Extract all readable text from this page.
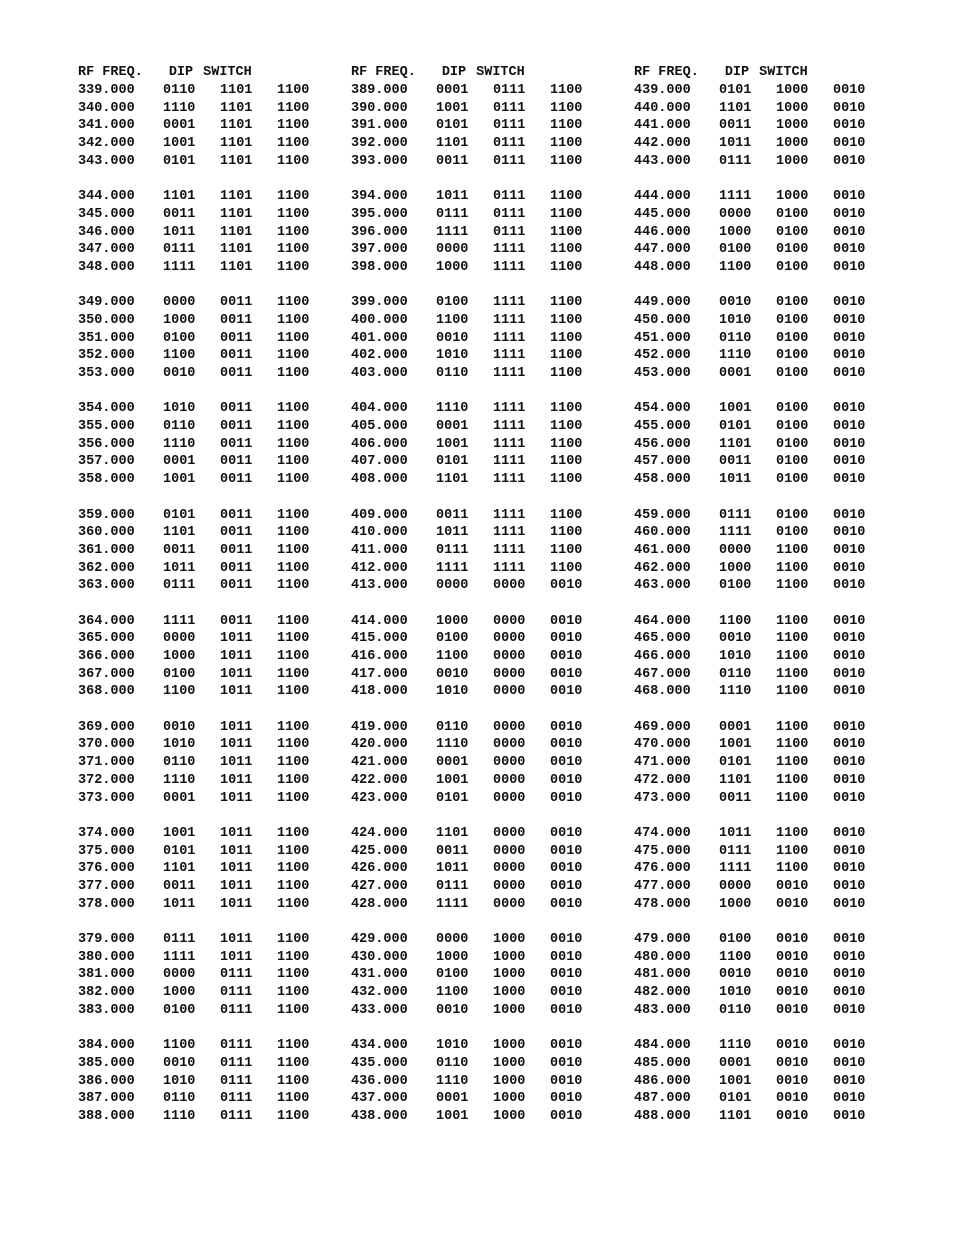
RF FREQ. DIP SWITCH
339.000	0110	1101	1100
340.000	1110	1101	1100
341.000	0001	1101	1100
342.000	1001	1101	1100
343.000	0101	1101	1100
344.000	1101	1101	1100
345.000	0011	1101	1100
346.000	1011	1101	1100
347.000	0111	1101	1100
348.000	1111	1101	1100
349.000	0000	0011	1100
350.000	1000	0011	1100
351.000	0100	0011	1100
352.000	1100	0011	1100
353.000	0010	0011	1100
354.000	1010	0011	1100
355.000	0110	0011	1100
356.000	1110	0011	1100
357.000	0001	0011	1100
358.000	1001	0011	1100
359.000	0101	0011	1100
360.000	1101	0011	1100
361.000	0011	0011	1100
362.000	1011	0011	1100
363.000	0111	0011	1100
364.000	1111	0011	1100
365.000	0000	1011	1100
366.000	1000	1011	1100
367.000	0100	1011	1100
368.000	1100	1011	1100
369.000	0010	1011	1100
370.000	1010	1011	1100
371.000	0110	1011	1100
372.000	1110	1011	1100
373.000	0001	1011	1100
374.000	1001	1011	1100
375.000	0101	1011	1100
376.000	1101	1011	1100
377.000	0011	1011	1100
378.000	1011	1011	1100
379.000	0111	1011	1100
380.000	1111	1011	1100
381.000	0000	0111	1100
382.000	1000	0111	1100
383.000	0100	0111	1100
384.000	1100	0111	1100
385.000	0010	0111	1100
386.000	1010	0111	1100
387.000	0110	0111	1100
388.000	1110	0111	1100
RF FREQ. DIP SWITCH
389.000	0001	0111	1100
390.000	1001	0111	1100
391.000	0101	0111	1100
392.000	1101	0111	1100
393.000	0011	0111	1100
394.000	1011	0111	1100
395.000	0111	0111	1100
396.000	1111	0111	1100
397.000	0000	1111	1100
398.000	1000	1111	1100
399.000	0100	1111	1100
400.000	1100	1111	1100
401.000	0010	1111	1100
402.000	1010	1111	1100
403.000	0110	1111	1100
404.000	1110	1111	1100
405.000	0001	1111	1100
406.000	1001	1111	1100
407.000	0101	1111	1100
408.000	1101	1111	1100
409.000	0011	1111	1100
410.000	1011	1111	1100
411.000	0111	1111	1100
412.000	1111	1111	1100
413.000	0000	0000	0010
414.000	1000	0000	0010
415.000	0100	0000	0010
416.000	1100	0000	0010
417.000	0010	0000	0010
418.000	1010	0000	0010
419.000	0110	0000	0010
420.000	1110	0000	0010
421.000	0001	0000	0010
422.000	1001	0000	0010
423.000	0101	0000	0010
424.000	1101	0000	0010
425.000	0011	0000	0010
426.000	1011	0000	0010
427.000	0111	0000	0010
428.000	1111	0000	0010
429.000	0000	1000	0010
430.000	1000	1000	0010
431.000	0100	1000	0010
432.000	1100	1000	0010
433.000	0010	1000	0010
434.000	1010	1000	0010
435.000	0110	1000	0010
436.000	1110	1000	0010
437.000	0001	1000	0010
438.000	1001	1000	0010
RF FREQ. DIP SWITCH
439.000	0101	1000	0010
440.000	1101	1000	0010
441.000	0011	1000	0010
442.000	1011	1000	0010
443.000	0111	1000	0010
444.000	1111	1000	0010
445.000	0000	0100	0010
446.000	1000	0100	0010
447.000	0100	0100	0010
448.000	1100	0100	0010
449.000	0010	0100	0010
450.000	1010	0100	0010
451.000	0110	0100	0010
452.000	1110	0100	0010
453.000	0001	0100	0010
454.000	1001	0100	0010
455.000	0101	0100	0010
456.000	1101	0100	0010
457.000	0011	0100	0010
458.000	1011	0100	0010
459.000	0111	0100	0010
460.000	1111	0100	0010
461.000	0000	1100	0010
462.000	1000	1100	0010
463.000	0100	1100	0010
464.000	1100	1100	0010
465.000	0010	1100	0010
466.000	1010	1100	0010
467.000	0110	1100	0010
468.000	1110	1100	0010
469.000	0001	1100	0010
470.000	1001	1100	0010
471.000	0101	1100	0010
472.000	1101	1100	0010
473.000	0011	1100	0010
474.000	1011	1100	0010
475.000	0111	1100	0010
476.000	1111	1100	0010
477.000	0000	0010	0010
478.000	1000	0010	0010
479.000	0100	0010	0010
480.000	1100	0010	0010
481.000	0010	0010	0010
482.000	1010	0010	0010
483.000	0110	0010	0010
484.000	1110	0010	0010
485.000	0001	0010	0010
486.000	1001	0010	0010
487.000	0101	0010	0010
488.000	1101	0010	0010
